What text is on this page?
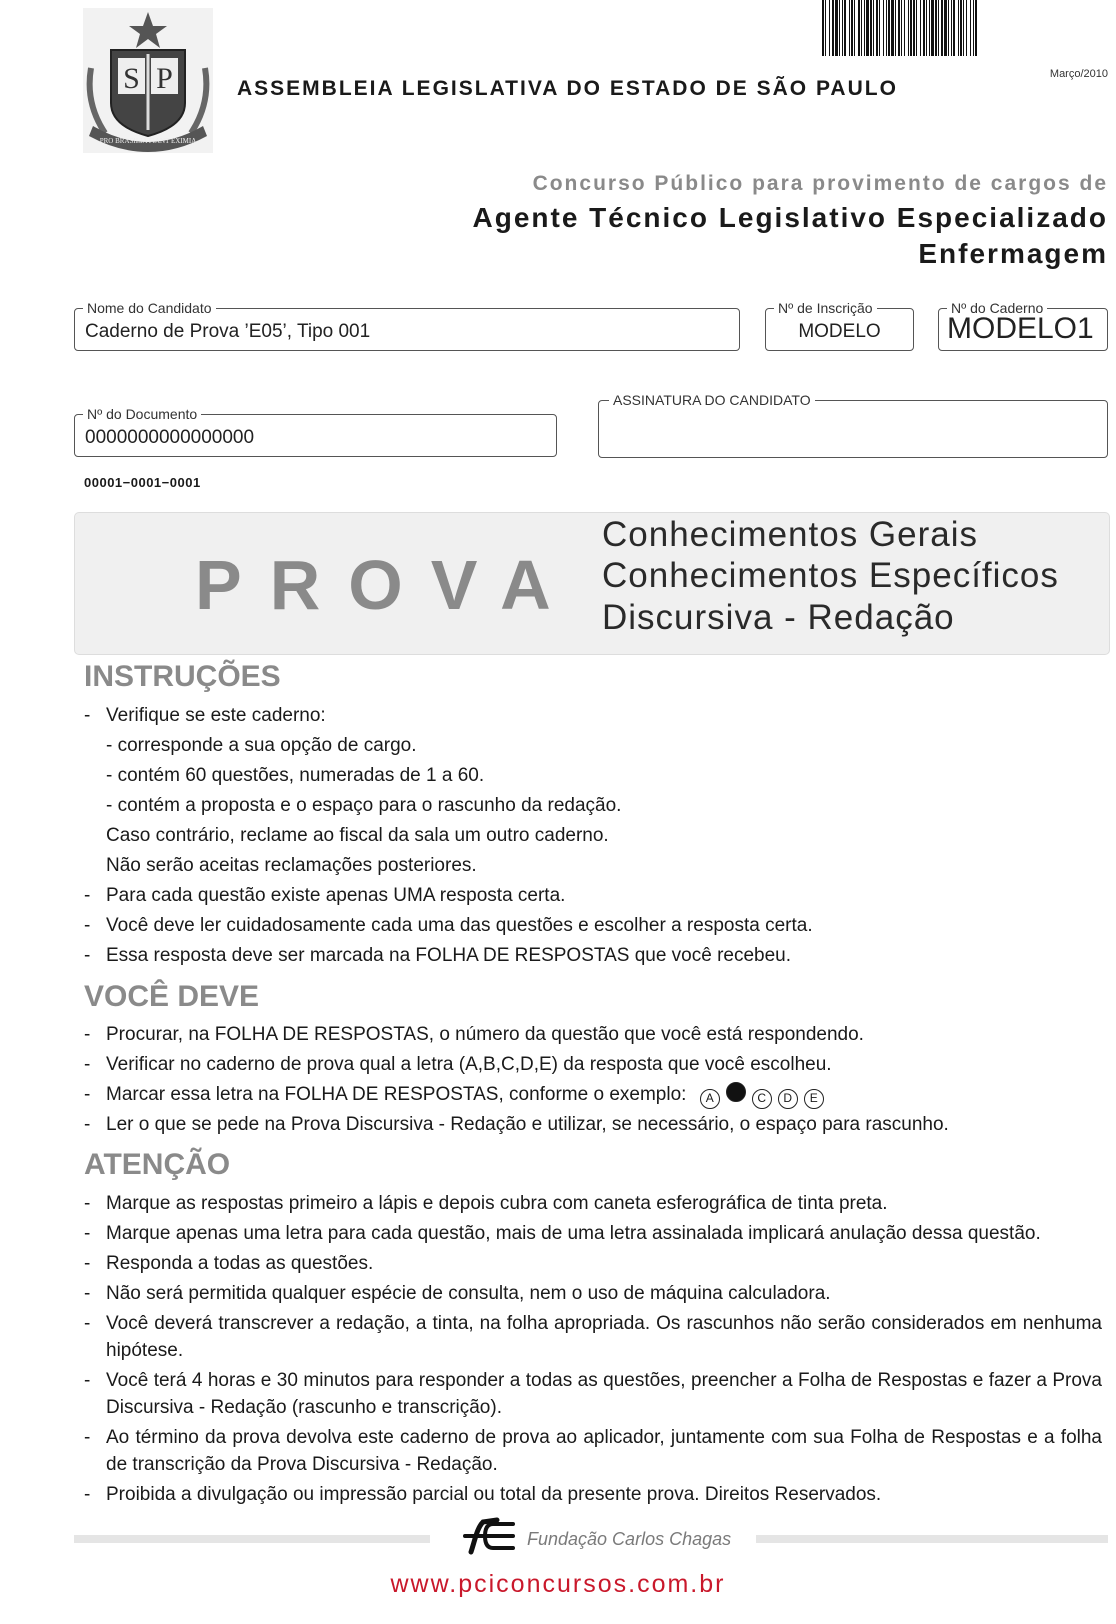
S P
PRO BRASILIA FIANT EXIMIA
Março/2010
ASSEMBLEIA LEGISLATIVA DO ESTADO DE SÃO PAULO
Concurso Público para provimento de cargos de
Agente Técnico Legislativo Especializado
Enfermagem
Nome do Candidato
Caderno de Prova ’E05’, Tipo 001
Nº de Inscrição
MODELO
Nº do Caderno
MODELO1
Nº do Documento
0000000000000000
ASSINATURA DO CANDIDATO
00001−0001−0001
PROVA
Conhecimentos Gerais
Conhecimentos Específicos
Discursiva - Redação
INSTRUÇÕES
- Verifique se este caderno:
- corresponde a sua opção de cargo.
- contém 60 questões, numeradas de 1 a 60.
- contém a proposta e o espaço para o rascunho da redação.
Caso contrário, reclame ao fiscal da sala um outro caderno.
Não serão aceitas reclamações posteriores.
- Para cada questão existe apenas UMA resposta certa.
- Você deve ler cuidadosamente cada uma das questões e escolher a resposta certa.
- Essa resposta deve ser marcada na FOLHA DE RESPOSTAS que você recebeu.
VOCÊ DEVE
- Procurar, na FOLHA DE RESPOSTAS, o número da questão que você está respondendo.
- Verificar no caderno de prova qual a letra (A,B,C,D,E) da resposta que você escolheu.
- Marcar essa letra na FOLHA DE RESPOSTAS, conforme o exemplo: A	C D E
- Ler o que se pede na Prova Discursiva - Redação e utilizar, se necessário, o espaço para rascunho.
ATENÇÃO
- Marque as respostas primeiro a lápis e depois cubra com caneta esferográfica de tinta preta.
- Marque apenas uma letra para cada questão, mais de uma letra assinalada implicará anulação dessa questão.
- Responda a todas as questões.
- Não será permitida qualquer espécie de consulta, nem o uso de máquina calculadora.
- Você deverá transcrever a redação, a tinta, na folha apropriada. Os rascunhos não serão considerados em nenhuma hipótese.
- Você terá 4 horas e 30 minutos para responder a todas as questões, preencher a Folha de Respostas e fazer a Prova Discursiva - Redação (rascunho e transcrição).
- Ao término da prova devolva este caderno de prova ao aplicador, juntamente com sua Folha de Respostas e a folha de transcrição da Prova Discursiva - Redação.
- Proibida a divulgação ou impressão parcial ou total da presente prova. Direitos Reservados.
Fundação Carlos Chagas
www.pciconcursos.com.br
